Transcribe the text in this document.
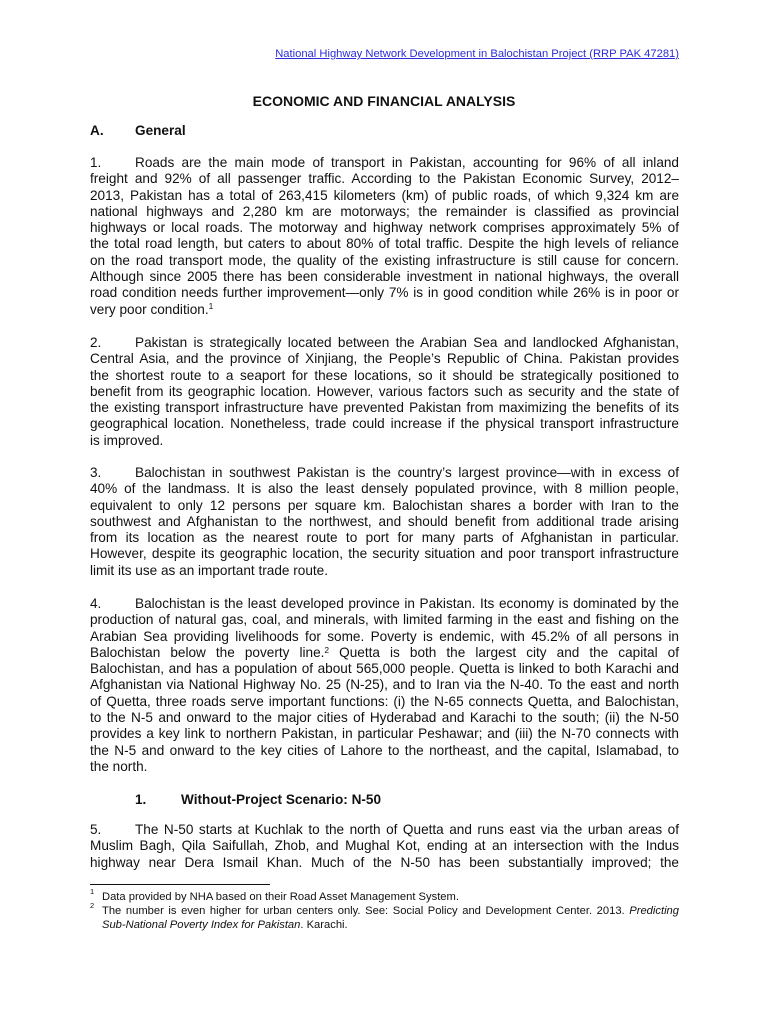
National Highway Network Development in Balochistan Project (RRP PAK 47281)
ECONOMIC AND FINANCIAL ANALYSIS
A. General
1. Roads are the main mode of transport in Pakistan, accounting for 96% of all inland
freight and 92% of all passenger traffic. According to the Pakistan Economic Survey, 2012–
2013, Pakistan has a total of 263,415 kilometers (km) of public roads, of which 9,324 km are
national highways and 2,280 km are motorways; the remainder is classified as provincial
highways or local roads. The motorway and highway network comprises approximately 5% of
the total road length, but caters to about 80% of total traffic. Despite the high levels of reliance
on the road transport mode, the quality of the existing infrastructure is still cause for concern.
Although since 2005 there has been considerable investment in national highways, the overall
road condition needs further improvement—only 7% is in good condition while 26% is in poor or
very poor condition.$^1$
2. Pakistan is strategically located between the Arabian Sea and landlocked Afghanistan,
Central Asia, and the province of Xinjiang, the People’s Republic of China. Pakistan provides
the shortest route to a seaport for these locations, so it should be strategically positioned to
benefit from its geographic location. However, various factors such as security and the state of
the existing transport infrastructure have prevented Pakistan from maximizing the benefits of its
geographical location. Nonetheless, trade could increase if the physical transport infrastructure
is improved.
3. Balochistan in southwest Pakistan is the country’s largest province—with in excess of
40% of the landmass. It is also the least densely populated province, with 8 million people,
equivalent to only 12 persons per square km. Balochistan shares a border with Iran to the
southwest and Afghanistan to the northwest, and should benefit from additional trade arising
from its location as the nearest route to port for many parts of Afghanistan in particular.
However, despite its geographic location, the security situation and poor transport infrastructure
limit its use as an important trade route.
4. Balochistan is the least developed province in Pakistan. Its economy is dominated by the
production of natural gas, coal, and minerals, with limited farming in the east and fishing on the
Arabian Sea providing livelihoods for some. Poverty is endemic, with 45.2% of all persons in
Balochistan below the poverty line.$^2$ Quetta is both the largest city and the capital of
Balochistan, and has a population of about 565,000 people. Quetta is linked to both Karachi and
Afghanistan via National Highway No. 25 (N-25), and to Iran via the N-40. To the east and north
of Quetta, three roads serve important functions: (i) the N-65 connects Quetta, and Balochistan,
to the N-5 and onward to the major cities of Hyderabad and Karachi to the south; (ii) the N-50
provides a key link to northern Pakistan, in particular Peshawar; and (iii) the N-70 connects with
the N-5 and onward to the key cities of Lahore to the northeast, and the capital, Islamabad, to
the north.
1.	Without-Project Scenario: N-50
5. The N-50 starts at Kuchlak to the north of Quetta and runs east via the urban areas of
Muslim Bagh, Qila Saifullah, Zhob, and Mughal Kot, ending at an intersection with the Indus
highway near Dera Ismail Khan. Much of the N-50 has been substantially improved; the
1 Data provided by NHA based on their Road Asset Management System.
2 The number is even higher for urban centers only. See: Social Policy and Development Center. 2013. Predicting
Sub-National Poverty Index for Pakistan. Karachi.
